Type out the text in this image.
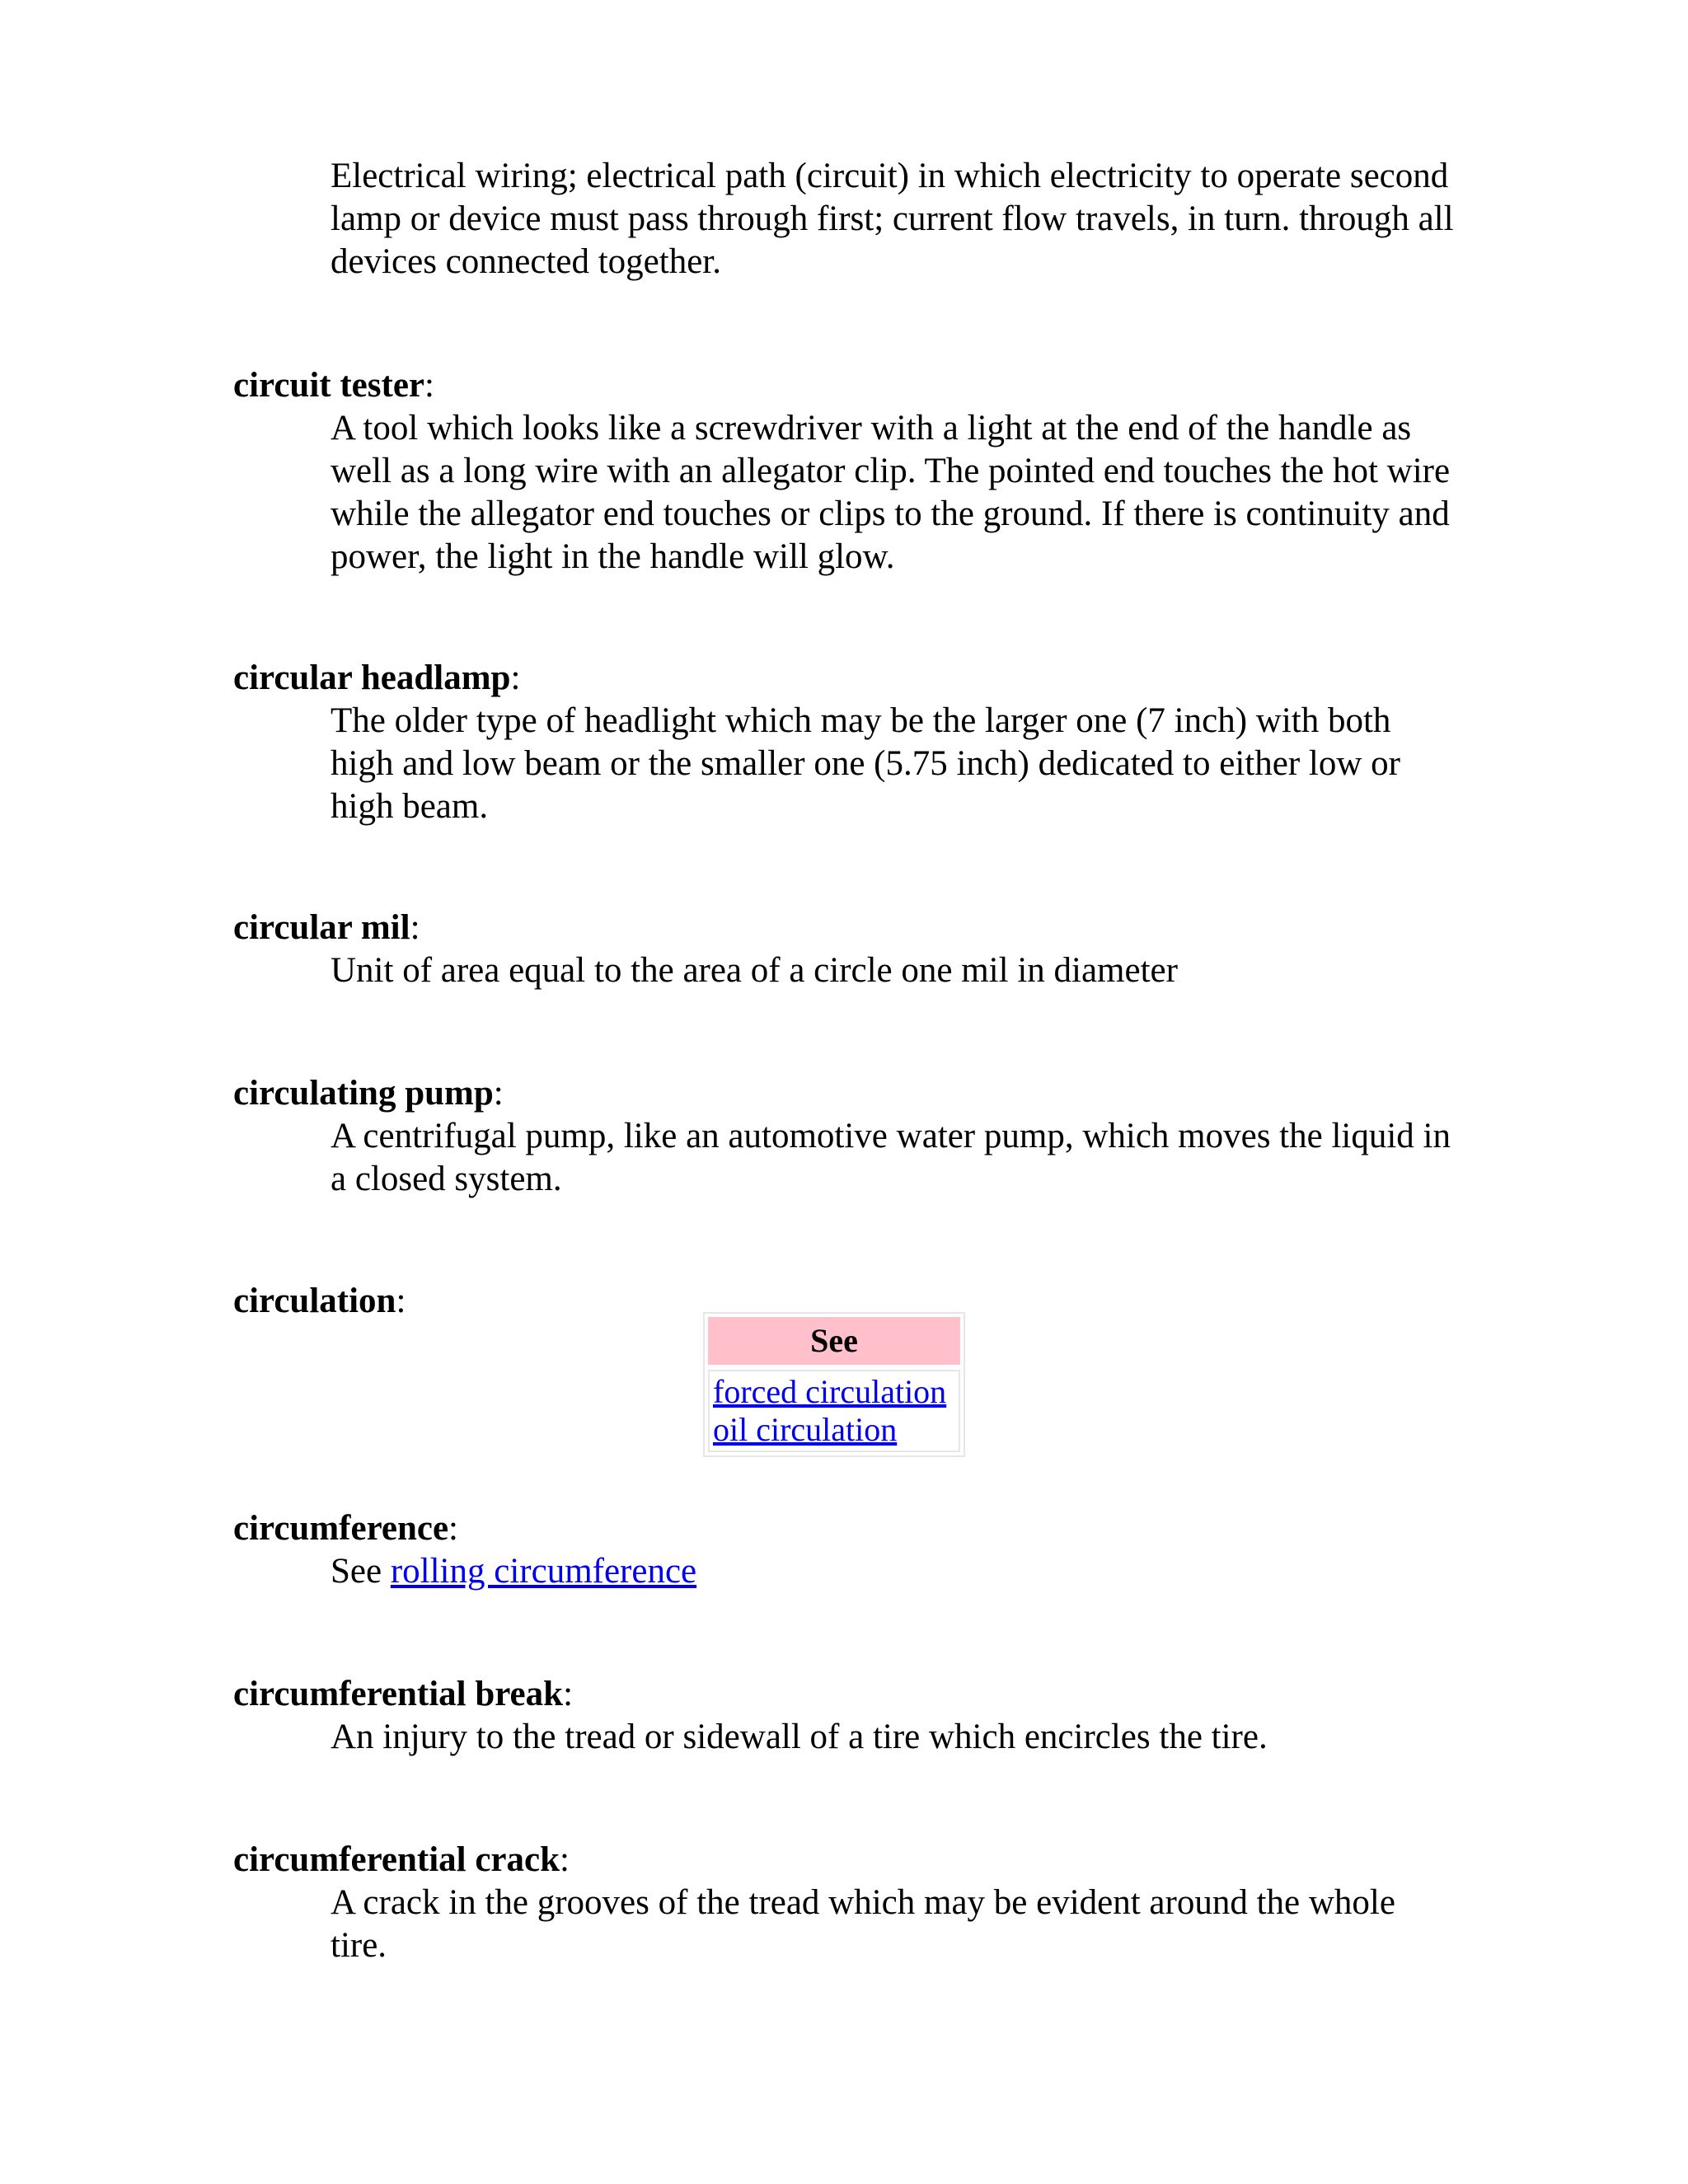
Electrical wiring; electrical path (circuit) in which electricity to operate second lamp or device must pass through first; current flow travels, in turn. through all devices connected together.

circuit tester:

A tool which looks like a screwdriver with a light at the end of the handle as well as a long wire with an allegator clip. The pointed end touches the hot wire while the allegator end touches or clips to the ground. If there is continuity and power, the light in the handle will glow.

circular headlamp:

The older type of headlight which may be the larger one (7 inch) with both high and low beam or the smaller one (5.75 inch) dedicated to either low or high beam.

circular mil:

Unit of area equal to the area of a circle one mil in diameter

circulating pump:

A centrifugal pump, like an automotive water pump, which moves the liquid in a closed system.

circulation:
See
forced circulation
oil circulation
circumference:

See rolling circumference

circumferential break:

An injury to the tread or sidewall of a tire which encircles the tire.

circumferential crack:

A crack in the grooves of the tread which may be evident around the whole tire.
